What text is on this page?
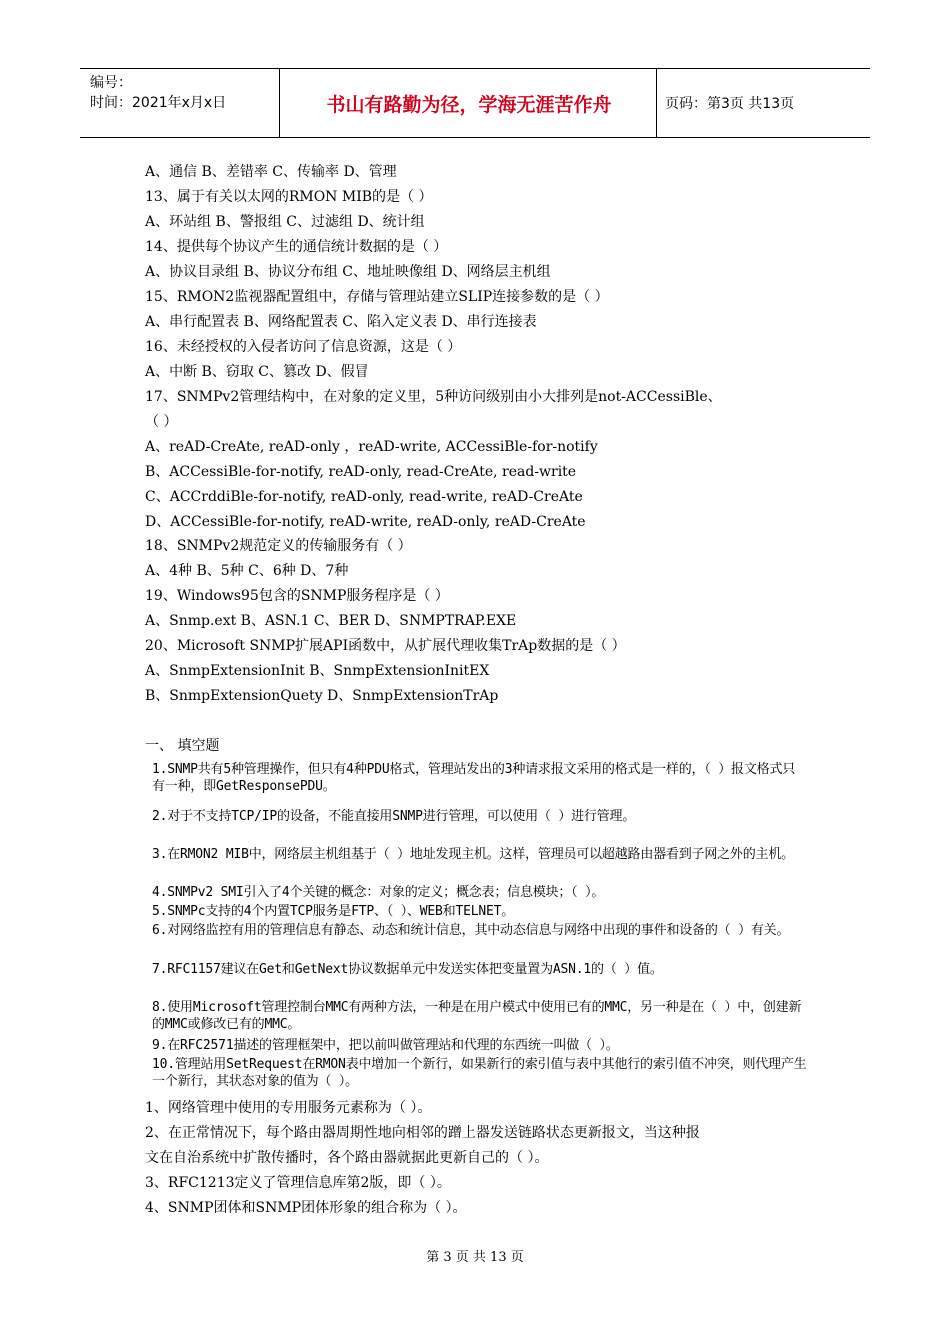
编号：
时间：2021年x月x日	书山有路勤为径，学海无涯苦作舟	页码：第3页 共13页
A、通信 B、差错率 C、传输率 D、管理
13、属于有关以太网的RMON MIB的是（ ）
A、环站组 B、警报组 C、过滤组 D、统计组
14、提供每个协议产生的通信统计数据的是（ ）
A、协议目录组 B、协议分布组 C、地址映像组 D、网络层主机组
15、RMON2监视器配置组中，存储与管理站建立SLIP连接参数的是（ ）
A、串行配置表 B、网络配置表 C、陷入定义表 D、串行连接表
16、未经授权的入侵者访问了信息资源，这是（ ）
A、中断 B、窃取 C、篡改 D、假冒
17、SNMPv2管理结构中，在对象的定义里，5种访问级别由小大排列是not-ACCessiBle、
（ ）
A、reAD-CreAte, reAD-only ，reAD-write, ACCessiBle-for-notify
B、ACCessiBle-for-notify, reAD-only, read-CreAte, read-write
C、ACCrddiBle-for-notify, reAD-only, read-write, reAD-CreAte
D、ACCessiBle-for-notify, reAD-write, reAD-only, reAD-CreAte
18、SNMPv2规范定义的传输服务有（ ）
A、4种 B、5种 C、6种 D、7种
19、Windows95包含的SNMP服务程序是（ ）
A、Snmp.ext B、ASN.1 C、BER D、SNMPTRAP.EXE
20、Microsoft SNMP扩展API函数中，从扩展代理收集TrAp数据的是（ ）
A、SnmpExtensionInit B、SnmpExtensionInitEX
B、SnmpExtensionQuety D、SnmpExtensionTrAp
一、 填空题
1.SNMP共有5种管理操作，但只有4种PDU格式，管理站发出的3种请求报文采用的格式是一样的，（ ）报文格式只有一种，即GetResponsePDU。
2.对于不支持TCP/IP的设备，不能直接用SNMP进行管理，可以使用（ ）进行管理。
3.在RMON2 MIB中，网络层主机组基于（ ）地址发现主机。这样，管理员可以超越路由器看到子网之外的主机。
4.SNMPv2 SMI引入了4个关键的概念：对象的定义；概念表；信息模块；（ ）。
5.SNMPc支持的4个内置TCP服务是FTP、（ ）、WEB和TELNET。
6.对网络监控有用的管理信息有静态、动态和统计信息，其中动态信息与网络中出现的事件和设备的（ ）有关。
7.RFC1157建议在Get和GetNext协议数据单元中发送实体把变量置为ASN.1的（ ）值。
8.使用Microsoft管理控制台MMC有两种方法，一种是在用户模式中使用已有的MMC，另一种是在（ ）中，创建新的MMC或修改已有的MMC。
9.在RFC2571描述的管理框架中，把以前叫做管理站和代理的东西统一叫做（ ）。
10.管理站用SetRequest在RMON表中增加一个新行，如果新行的索引值与表中其他行的索引值不冲突，则代理产生一个新行，其状态对象的值为（ ）。
1、网络管理中使用的专用服务元素称为（ ）。
2、在正常情况下，每个路由器周期性地向相邻的蹭上器发送链路状态更新报文，当这种报
文在自治系统中扩散传播时，各个路由器就据此更新自己的（ ）。
3、RFC1213定义了管理信息库第2版，即（ ）。
4、SNMP团体和SNMP团体形象的组合称为（ ）。
第 3 页 共 13 页
